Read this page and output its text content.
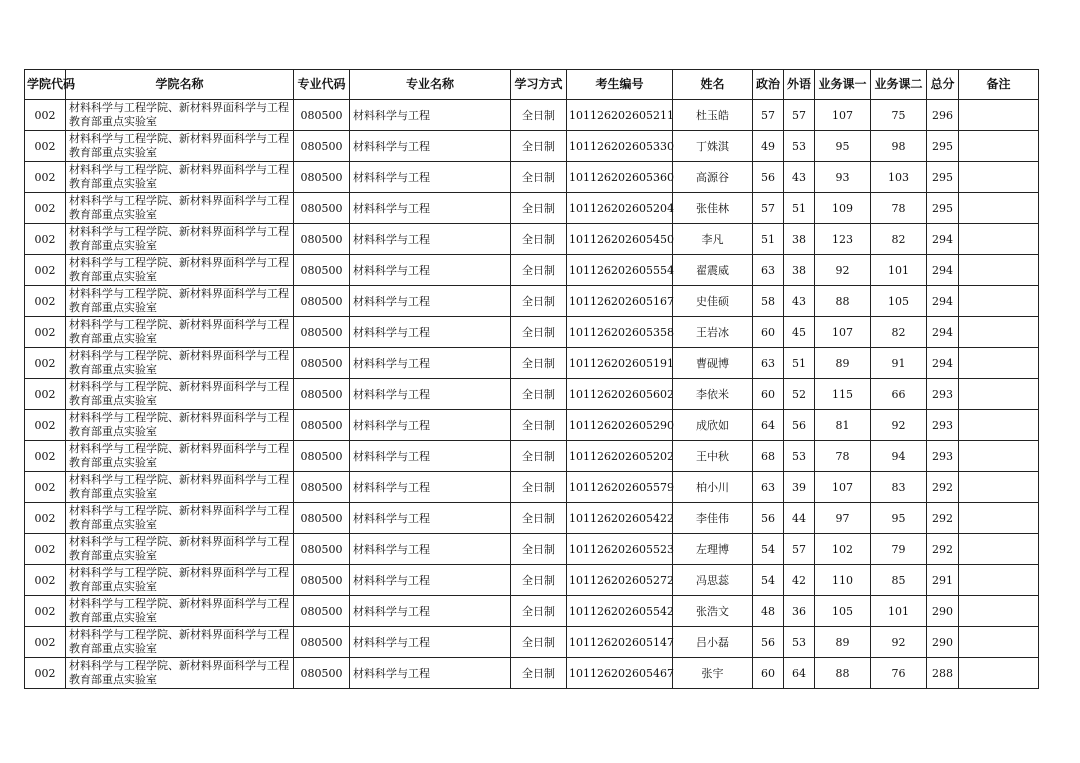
学院代码	学院名称	专业代码	专业名称	学习方式	考生编号	姓名	政治	外语	业务课一	业务课二	总分	备注
002	材料科学与工程学院、新材料界面科学与工程教育部重点实验室	080500	材料科学与工程	全日制	101126202605211	杜玉皓	57	57	107	75	296	
002	材料科学与工程学院、新材料界面科学与工程教育部重点实验室	080500	材料科学与工程	全日制	101126202605330	丁姝淇	49	53	95	98	295	
002	材料科学与工程学院、新材料界面科学与工程教育部重点实验室	080500	材料科学与工程	全日制	101126202605360	高源谷	56	43	93	103	295	
002	材料科学与工程学院、新材料界面科学与工程教育部重点实验室	080500	材料科学与工程	全日制	101126202605204	张佳林	57	51	109	78	295	
002	材料科学与工程学院、新材料界面科学与工程教育部重点实验室	080500	材料科学与工程	全日制	101126202605450	李凡	51	38	123	82	294	
002	材料科学与工程学院、新材料界面科学与工程教育部重点实验室	080500	材料科学与工程	全日制	101126202605554	翟震威	63	38	92	101	294	
002	材料科学与工程学院、新材料界面科学与工程教育部重点实验室	080500	材料科学与工程	全日制	101126202605167	史佳硕	58	43	88	105	294	
002	材料科学与工程学院、新材料界面科学与工程教育部重点实验室	080500	材料科学与工程	全日制	101126202605358	王岩冰	60	45	107	82	294	
002	材料科学与工程学院、新材料界面科学与工程教育部重点实验室	080500	材料科学与工程	全日制	101126202605191	曹砚博	63	51	89	91	294	
002	材料科学与工程学院、新材料界面科学与工程教育部重点实验室	080500	材料科学与工程	全日制	101126202605602	李依米	60	52	115	66	293	
002	材料科学与工程学院、新材料界面科学与工程教育部重点实验室	080500	材料科学与工程	全日制	101126202605290	成欣如	64	56	81	92	293	
002	材料科学与工程学院、新材料界面科学与工程教育部重点实验室	080500	材料科学与工程	全日制	101126202605202	王中秋	68	53	78	94	293	
002	材料科学与工程学院、新材料界面科学与工程教育部重点实验室	080500	材料科学与工程	全日制	101126202605579	柏小川	63	39	107	83	292	
002	材料科学与工程学院、新材料界面科学与工程教育部重点实验室	080500	材料科学与工程	全日制	101126202605422	李佳伟	56	44	97	95	292	
002	材料科学与工程学院、新材料界面科学与工程教育部重点实验室	080500	材料科学与工程	全日制	101126202605523	左理博	54	57	102	79	292	
002	材料科学与工程学院、新材料界面科学与工程教育部重点实验室	080500	材料科学与工程	全日制	101126202605272	冯思蕊	54	42	110	85	291	
002	材料科学与工程学院、新材料界面科学与工程教育部重点实验室	080500	材料科学与工程	全日制	101126202605542	张浩文	48	36	105	101	290	
002	材料科学与工程学院、新材料界面科学与工程教育部重点实验室	080500	材料科学与工程	全日制	101126202605147	吕小磊	56	53	89	92	290	
002	材料科学与工程学院、新材料界面科学与工程教育部重点实验室	080500	材料科学与工程	全日制	101126202605467	张宇	60	64	88	76	288	
